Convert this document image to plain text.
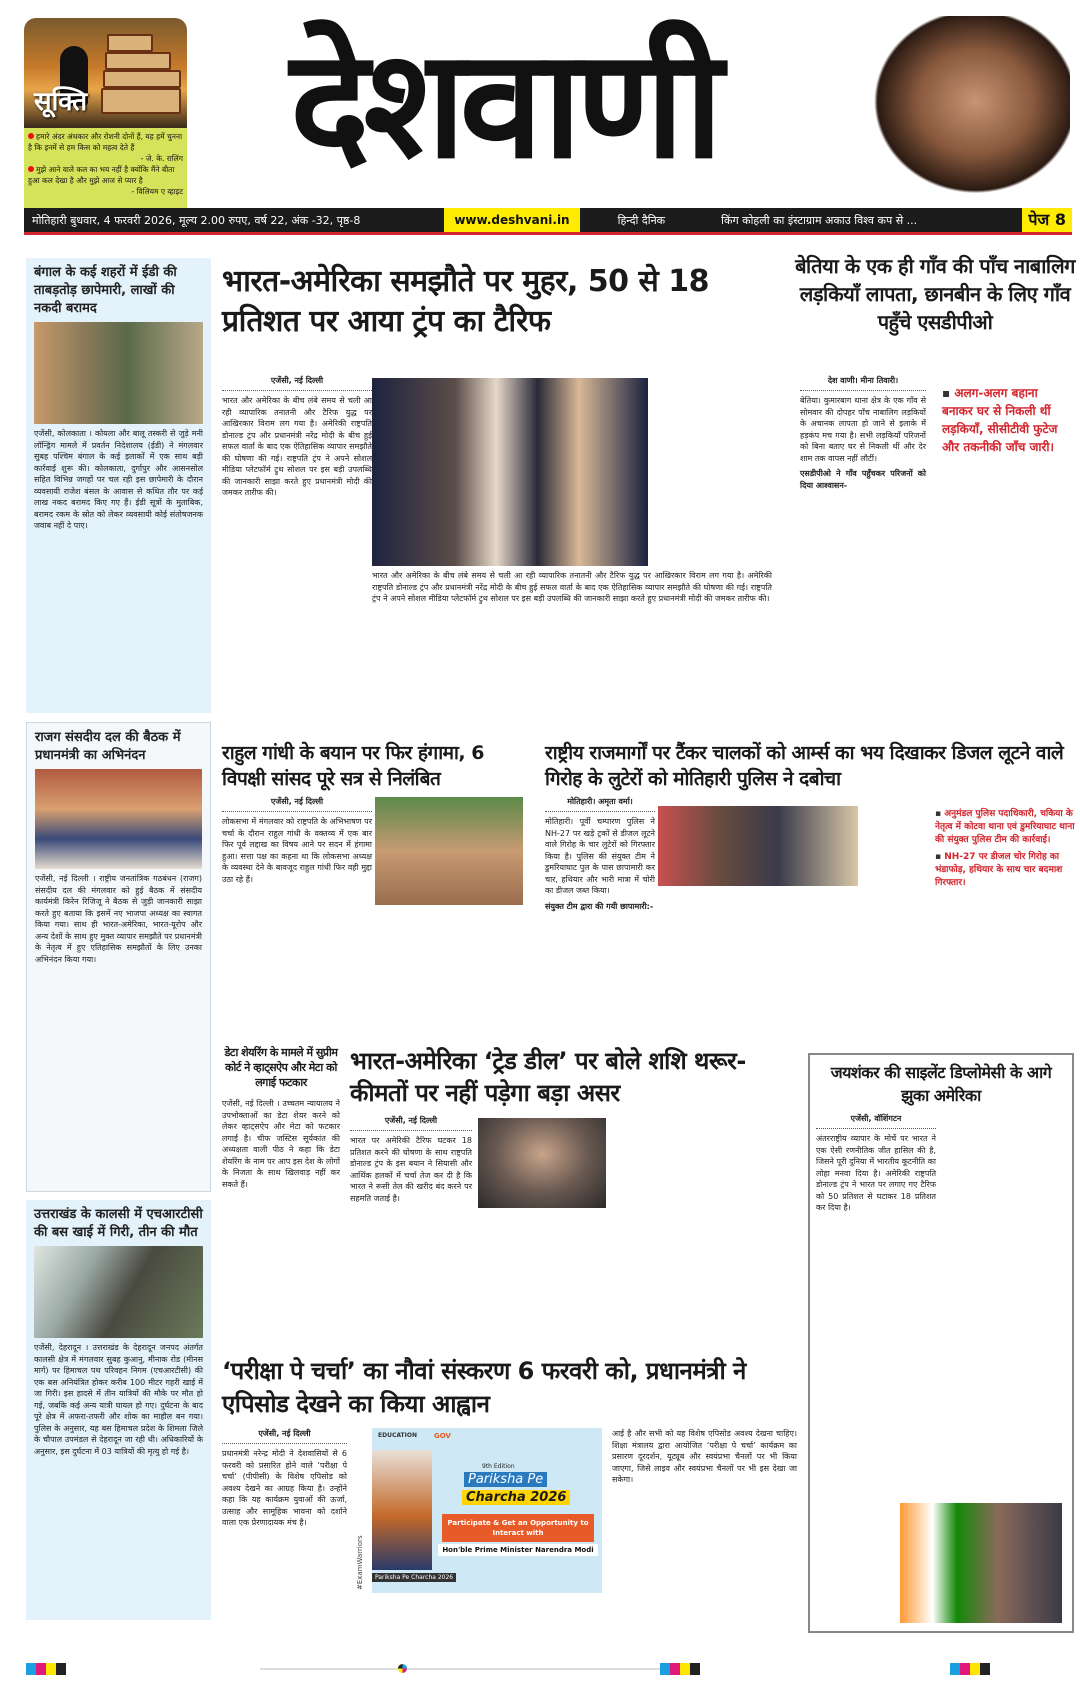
सूक्ति
हमारे अंदर अंधकार और रोशनी दोनों हैं, यह हमें चुनना है कि इनमें से हम किस को महत्व देते हैं
- जे. के. रालिंग
मुझे आने वाले कल का भय नहीं है क्योंकि मैंने बीता हुआ कल देखा है और मुझे आज से प्यार है
- विलियम ए व्हाइट देशवाणी
मोतिहारी बुधवार, 4 फरवरी 2026, मूल्य 2.00 रुपए, वर्ष 22, अंक -32, पृष्ठ-8	www.deshvani.in	हिन्दी दैनिक	किंग कोहली का इंस्टाग्राम अकाउ विश्व कप से ...	पेज 8
बंगाल के कई शहरों में ईडी की ताबड़तोड़ छापेमारी, लाखों की नकदी बरामद

एजेंसी, कोलकाता । कोयला और बालू तस्करी से जुड़े मनी लॉन्ड्रिंग मामले में प्रवर्तन निदेशालय (ईडी) ने मंगलवार सुबह पश्चिम बंगाल के कई इलाकों में एक साथ बड़ी कार्रवाई शुरू की। कोलकाता, दुर्गापुर और आसनसोल सहित विभिन्न जगहों पर चल रही इस छापेमारी के दौरान व्यवसायी राजेश बंसल के आवास से कथित तौर पर कई लाख नकद बरामद किए गए हैं। ईडी सूत्रों के मुताबिक, बरामद रकम के स्रोत को लेकर व्यवसायी कोई संतोषजनक जवाब नहीं दे पाए।

राजग संसदीय दल की बैठक में प्रधानमंत्री का अभिनंदन

एजेंसी, नई दिल्ली । राष्ट्रीय जनतांत्रिक गठबंधन (राजग) संसदीय दल की मंगलवार को हुई बैठक में संसदीय कार्यमंत्री किरेन रिजिजू ने बैठक से जुड़ी जानकारी साझा करते हुए बताया कि इसमें नए भाजपा अध्यक्ष का स्वागत किया गया। साथ ही भारत-अमेरिका, भारत-यूरोप और अन्य देशों के साथ हुए मुक्त व्यापार समझौते पर प्रधानमंत्री के नेतृत्व में हुए एतिहासिक समझौतों के लिए उनका अभिनंदन किया गया।

उत्तराखंड के कालसी में एचआरटीसी की बस खाई में गिरी, तीन की मौत

एजेंसी, देहरादून । उत्तराखंड के देहरादून जनपद अंतर्गत कालसी क्षेत्र में मंगलवार सुबह कुआनु, मीनाक रोड (मीनस मार्ग) पर हिमाचल पथ परिवहन निगम (एचआरटीसी) की एक बस अनियंत्रित होकर करीब 100 मीटर गहरी खाई में जा गिरी। इस हादसे में तीन यात्रियों की मौके पर मौत हो गई, जबकि कई अन्य यात्री घायल हो गए। दुर्घटना के बाद पूरे क्षेत्र में अफरा-तफरी और शोक का माहौल बन गया। पुलिस के अनुसार, यह बस हिमाचल प्रदेश के शिमला जिले के चौपाल उपमंडल से देहरादून जा रही थी। अधिकारियों के अनुसार, इस दुर्घटना में 03 यात्रियों की मृत्यु हो गई है।

भारत-अमेरिका समझौते पर मुहर, 50 से 18 प्रतिशत पर आया ट्रंप का टैरिफ
एजेंसी, नई दिल्ली

भारत और अमेरिका के बीच लंबे समय से चली आ रही व्यापारिक तनातनी और टैरिफ युद्ध पर आखिरकार विराम लग गया है। अमेरिकी राष्ट्रपति डोनाल्ड ट्रंप और प्रधानमंत्री नरेंद्र मोदी के बीच हुई सफल वार्ता के बाद एक ऐतिहासिक व्यापार समझौते की घोषणा की गई। राष्ट्रपति ट्रंप ने अपने सोशल मीडिया प्लेटफॉर्म ट्रुथ सोशल पर इस बड़ी उपलब्धि की जानकारी साझा करते हुए प्रधानमंत्री मोदी की जमकर तारीफ की।

भारत और अमेरिका के बीच लंबे समय से चली आ रही व्यापारिक तनातनी और टैरिफ युद्ध पर आखिरकार विराम लग गया है। अमेरिकी राष्ट्रपति डोनाल्ड ट्रंप और प्रधानमंत्री नरेंद्र मोदी के बीच हुई सफल वार्ता के बाद एक ऐतिहासिक व्यापार समझौते की घोषणा की गई। राष्ट्रपति ट्रंप ने अपने सोशल मीडिया प्लेटफॉर्म ट्रुथ सोशल पर इस बड़ी उपलब्धि की जानकारी साझा करते हुए प्रधानमंत्री मोदी की जमकर तारीफ की।

बेतिया के एक ही गाँव की पाँच नाबालिग लड़कियाँ लापता, छानबीन के लिए गाँव पहुँचे एसडीपीओ
देश वाणी। मीना तिवारी।

बेतिया। कुमारबाग थाना क्षेत्र के एक गाँव से सोमवार की दोपहर पाँच नाबालिग लड़कियों के अचानक लापता हो जाने से इलाके में हड़कंप मच गया है। सभी लड़कियाँ परिजनों को बिना बताए घर से निकली थीं और देर शाम तक वापस नहीं लौटीं।

एसडीपीओ ने गाँव पहुँचकर परिजनों को दिया आश्वासन-

▪ अलग-अलग बहाना बनाकर घर से निकली थीं लड़कियाँ, सीसीटीवी फुटेज और तकनीकी जाँच जारी।
राहुल गांधी के बयान पर फिर हंगामा, 6 विपक्षी सांसद पूरे सत्र से निलंबित
एजेंसी, नई दिल्ली

लोकसभा में मंगलवार को राष्ट्रपति के अभिभाषण पर चर्चा के दौरान राहुल गांधी के वक्तव्य में एक बार फिर पूर्व लद्दाख का विषय आने पर सदन में हंगामा हुआ। सत्ता पक्ष का कहना था कि लोकसभा अध्यक्ष के व्यवस्था देने के बावजूद राहुल गांधी फिर वही मुद्दा उठा रहे हैं।

राष्ट्रीय राजमार्गों पर टैंकर चालकों को आर्म्स का भय दिखाकर डिजल लूटने वाले गिरोह के लुटेरों को मोतिहारी पुलिस ने दबोचा
मोतिहारी। अमृता वर्मा।

मोतिहारी। पूर्वी चम्पारण पुलिस ने NH-27 पर खड़े ट्रकों से डीजल लूटने वाले गिरोह के चार लुटेरों को गिरफ्तार किया है। पुलिस की संयुक्त टीम ने डुमरियाघाट पुल के पास छापामारी कर चार, हथियार और भारी मात्रा में चोरी का डीजल जब्त किया।

संयुक्त टीम द्वारा की गयी छापामारी:-

▪ अनुमंडल पुलिस पदाधिकारी, चकिया के नेतृत्व में कोटवा थाना एवं डुमरियाघाट थाना की संयुक्त पुलिस टीम की कार्रवाई।
▪ NH-27 पर डीजल चोर गिरोह का भंडाफोड़, हथियार के साथ चार बदमाश गिरफ्तार।
डेटा शेयरिंग के मामले में सुप्रीम कोर्ट ने व्हाट्सऐप और मेटा को लगाई फटकार

एजेंसी, नई दिल्ली । उच्चतम न्यायालय ने उपभोक्ताओं का डेटा शेयर करने को लेकर व्हाट्सऐप और मेटा को फटकार लगाई है। चीफ जस्टिस सूर्यकांत की अध्यक्षता वाली पीठ ने कहा कि डेटा शेयरिंग के नाम पर आप इस देश के लोगों के निजता के साथ खिलवाड़ नहीं कर सकते हैं।

भारत-अमेरिका ‘ट्रेड डील’ पर बोले शशि थरूर- कीमतों पर नहीं पड़ेगा बड़ा असर
एजेंसी, नई दिल्ली

भारत पर अमेरिकी टैरिफ घटकर 18 प्रतिशत करने की घोषणा के साथ राष्ट्रपति डोनाल्ड ट्रंप के इस बयान ने सियासी और आर्थिक हलकों में चर्चा तेज कर दी है कि भारत ने रूसी तेल की खरीद बंद करने पर सहमति जताई है।

जयशंकर की साइलेंट डिप्लोमेसी के आगे झुका अमेरिका
एजेंसी, वॉशिंगटन

अंतरराष्ट्रीय व्यापार के मोर्चे पर भारत ने एक ऐसी रणनीतिक जीत हासिल की है, जिसने पूरी दुनिया में भारतीय कूटनीति का लोहा मनवा दिया है। अमेरिकी राष्ट्रपति डोनाल्ड ट्रंप ने भारत पर लगाए गए टैरिफ को 50 प्रतिशत से घटाकर 18 प्रतिशत कर दिया है।

‘परीक्षा पे चर्चा’ का नौवां संस्करण 6 फरवरी को, प्रधानमंत्री ने एपिसोड देखने का किया आह्वान
एजेंसी, नई दिल्ली

प्रधानमंत्री नरेन्द्र मोदी ने देशवासियों से 6 फरवरी को प्रसारित होने वाले ‘परीक्षा पे चर्चा’ (पीपीसी) के विशेष एपिसोड को अवश्य देखने का आग्रह किया है। उन्होंने कहा कि यह कार्यक्रम युवाओं की ऊर्जा, उत्साह और सामूहिक भावना को दर्शाने वाला एक प्रेरणादायक मंच है।

#ExamWarriors
EDUCATION GOV
9th Edition
Pariksha Pe
Charcha 2026
Participate & Get an Opportunity to Interact with
Hon'ble Prime Minister Narendra Modi
Pariksha Pe Charcha 2026

आई है और सभी को यह विशेष एपिसोड अवश्य देखना चाहिए। शिक्षा मंत्रालय द्वारा आयोजित ‘परीक्षा पे चर्चा’ कार्यक्रम का प्रसारण दूरदर्शन, यूट्यूब और स्वयंप्रभा चैनलों पर भी किया जाएगा, जिसे लाइव और स्वयंप्रभा चैनलों पर भी इस देखा जा सकेगा।
